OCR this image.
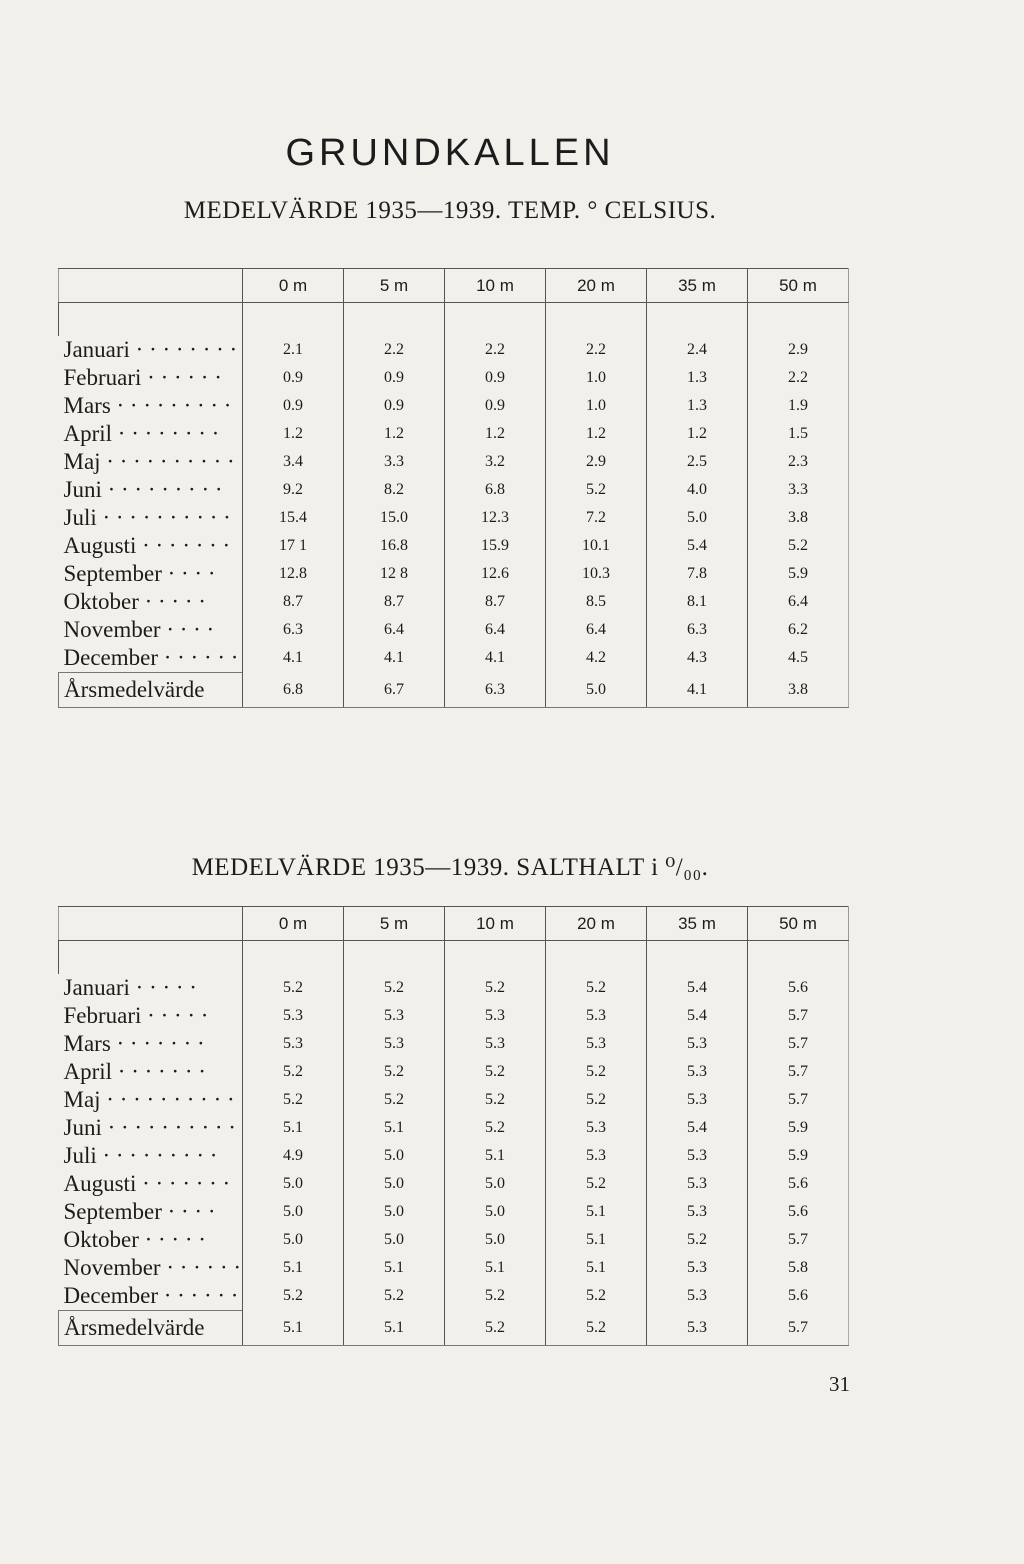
GRUNDKALLEN
MEDELVÄRDE 1935—1939. TEMP. ° CELSIUS.
	0 m	5 m	10 m	20 m	35 m	50 m

Januari · · · · · · · ·	2.1	2.2	2.2	2.2	2.4	2.9
Februari · · · · · ·	0.9	0.9	0.9	1.0	1.3	2.2
Mars · · · · · · · · ·	0.9	0.9	0.9	1.0	1.3	1.9
April · · · · · · · ·	1.2	1.2	1.2	1.2	1.2	1.5
Maj · · · · · · · · · ·	3.4	3.3	3.2	2.9	2.5	2.3
Juni · · · · · · · · ·	9.2	8.2	6.8	5.2	4.0	3.3
Juli · · · · · · · · · ·	15.4	15.0	12.3	7.2	5.0	3.8
Augusti · · · · · · ·	17 1	16.8	15.9	10.1	5.4	5.2
September · · · ·	12.8	12 8	12.6	10.3	7.8	5.9
Oktober · · · · ·	8.7	8.7	8.7	8.5	8.1	6.4
November · · · ·	6.3	6.4	6.4	6.4	6.3	6.2
December · · · · · ·	4.1	4.1	4.1	4.2	4.3	4.5
Årsmedelvärde	6.8	6.7	6.3	5.0	4.1	3.8
MEDELVÄRDE 1935—1939. SALTHALT i ⁰/₀₀.
	0 m	5 m	10 m	20 m	35 m	50 m

Januari · · · · ·	5.2	5.2	5.2	5.2	5.4	5.6
Februari · · · · ·	5.3	5.3	5.3	5.3	5.4	5.7
Mars · · · · · · ·	5.3	5.3	5.3	5.3	5.3	5.7
April · · · · · · ·	5.2	5.2	5.2	5.2	5.3	5.7
Maj · · · · · · · · · ·	5.2	5.2	5.2	5.2	5.3	5.7
Juni · · · · · · · · · ·	5.1	5.1	5.2	5.3	5.4	5.9
Juli · · · · · · · · ·	4.9	5.0	5.1	5.3	5.3	5.9
Augusti · · · · · · ·	5.0	5.0	5.0	5.2	5.3	5.6
September · · · ·	5.0	5.0	5.0	5.1	5.3	5.6
Oktober · · · · ·	5.0	5.0	5.0	5.1	5.2	5.7
November · · · · · ·	5.1	5.1	5.1	5.1	5.3	5.8
December · · · · · ·	5.2	5.2	5.2	5.2	5.3	5.6
Årsmedelvärde	5.1	5.1	5.2	5.2	5.3	5.7
31
